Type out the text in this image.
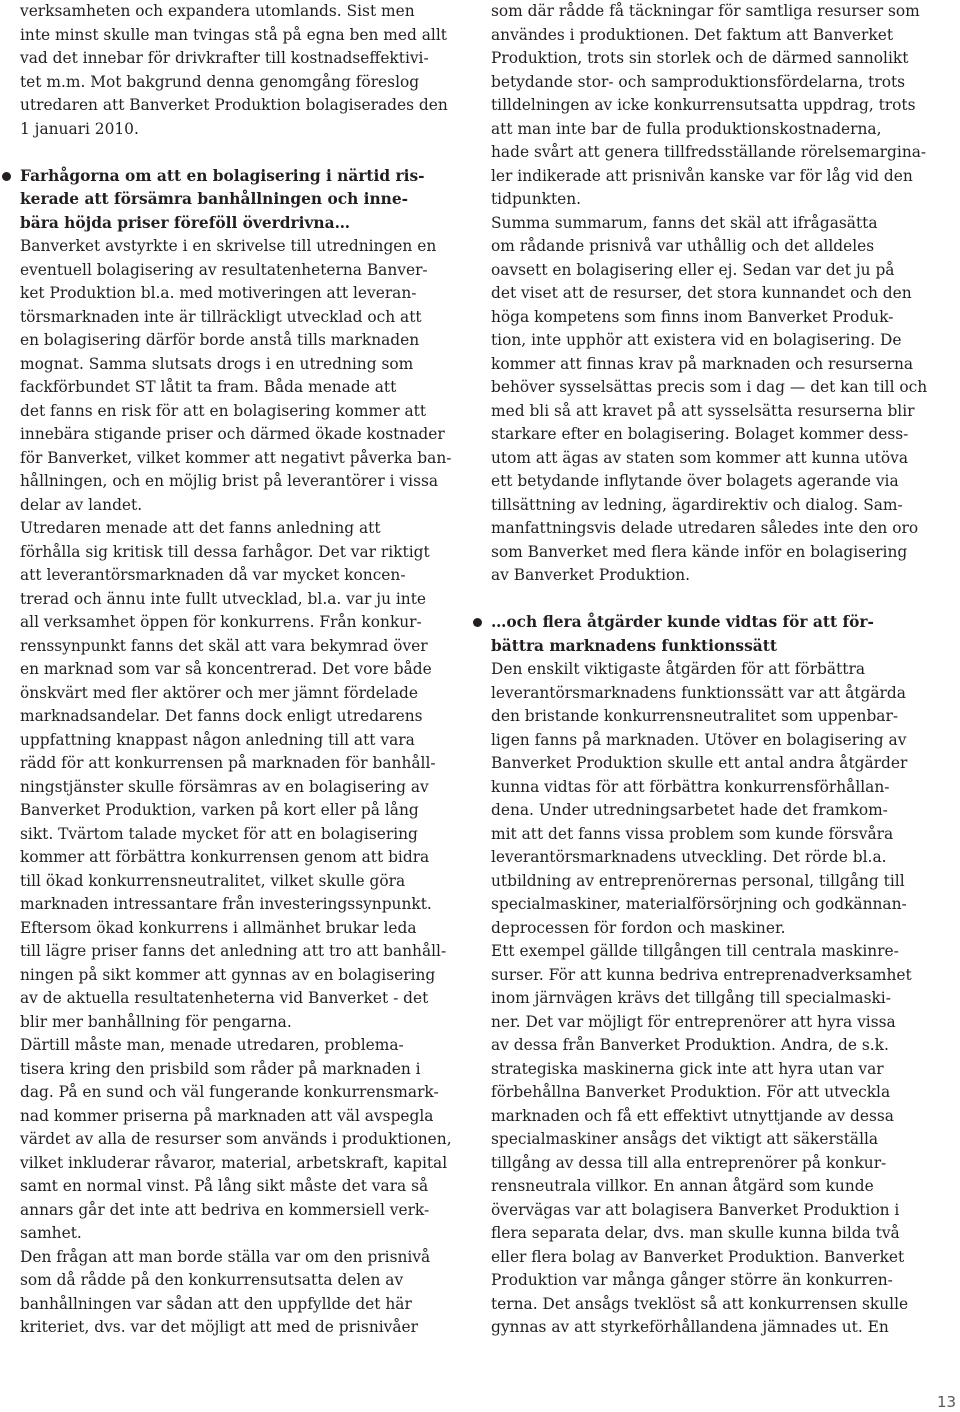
verksamheten och expandera utomlands. Sist men
inte minst skulle man tvingas stå på egna ben med allt
vad det innebar för drivkrafter till kostnadseffektivi-
tet m.m. Mot bakgrund denna genomgång föreslog
utredaren att Banverket Produktion bolagiserades den
1 januari 2010.
Farhågorna om att en bolagisering i närtid ris-
kerade att försämra banhållningen och inne-
bära höjda priser föreföll överdrivna…
Banverket avstyrkte i en skrivelse till utredningen en
eventuell bolagisering av resultatenheterna Banver-
ket Produktion bl.a. med motiveringen att leveran-
törsmarknaden inte är tillräckligt utvecklad och att
en bolagisering därför borde anstå tills marknaden
mognat. Samma slutsats drogs i en utredning som
fackförbundet ST låtit ta fram. Båda menade att
det fanns en risk för att en bolagisering kommer att
innebära stigande priser och därmed ökade kostnader
för Banverket, vilket kommer att negativt påverka ban-
hållningen, och en möjlig brist på leverantörer i vissa
delar av landet.
Utredaren menade att det fanns anledning att
förhålla sig kritisk till dessa farhågor. Det var riktigt
att leverantörsmarknaden då var mycket koncen-
trerad och ännu inte fullt utvecklad, bl.a. var ju inte
all verksamhet öppen för konkurrens. Från konkur-
renssynpunkt fanns det skäl att vara bekymrad över
en marknad som var så koncentrerad. Det vore både
önskvärt med fler aktörer och mer jämnt fördelade
marknadsandelar. Det fanns dock enligt utredarens
uppfattning knappast någon anledning till att vara
rädd för att konkurrensen på marknaden för banhåll-
ningstjänster skulle försämras av en bolagisering av
Banverket Produktion, varken på kort eller på lång
sikt. Tvärtom talade mycket för att en bolagisering
kommer att förbättra konkurrensen genom att bidra
till ökad konkurrensneutralitet, vilket skulle göra
marknaden intressantare från investeringssynpunkt.
Eftersom ökad konkurrens i allmänhet brukar leda
till lägre priser fanns det anledning att tro att banhåll-
ningen på sikt kommer att gynnas av en bolagisering
av de aktuella resultatenheterna vid Banverket - det
blir mer banhållning för pengarna.
Därtill måste man, menade utredaren, problema-
tisera kring den prisbild som råder på marknaden i
dag. På en sund och väl fungerande konkurrensmark-
nad kommer priserna på marknaden att väl avspegla
värdet av alla de resurser som används i produktionen,
vilket inkluderar råvaror, material, arbetskraft, kapital
samt en normal vinst. På lång sikt måste det vara så
annars går det inte att bedriva en kommersiell verk-
samhet.
Den frågan att man borde ställa var om den prisnivå
som då rådde på den konkurrensutsatta delen av
banhållningen var sådan att den uppfyllde det här
kriteriet, dvs. var det möjligt att med de prisnivåer
som där rådde få täckningar för samtliga resurser som
användes i produktionen. Det faktum att Banverket
Produktion, trots sin storlek och de därmed sannolikt
betydande stor- och samproduktionsfördelarna, trots
tilldelningen av icke konkurrensutsatta uppdrag, trots
att man inte bar de fulla produktionskostnaderna,
hade svårt att genera tillfredsställande rörelsemargina-
ler indikerade att prisnivån kanske var för låg vid den
tidpunkten.
Summa summarum, fanns det skäl att ifrågasätta
om rådande prisnivå var uthållig och det alldeles
oavsett en bolagisering eller ej. Sedan var det ju på
det viset att de resurser, det stora kunnandet och den
höga kompetens som finns inom Banverket Produk-
tion, inte upphör att existera vid en bolagisering. De
kommer att finnas krav på marknaden och resurserna
behöver sysselsättas precis som i dag — det kan till och
med bli så att kravet på att sysselsätta resurserna blir
starkare efter en bolagisering. Bolaget kommer dess-
utom att ägas av staten som kommer att kunna utöva
ett betydande inflytande över bolagets agerande via
tillsättning av ledning, ägardirektiv och dialog. Sam-
manfattningsvis delade utredaren således inte den oro
som Banverket med flera kände inför en bolagisering
av Banverket Produktion.
…och flera åtgärder kunde vidtas för att för-
bättra marknadens funktionssätt
Den enskilt viktigaste åtgärden för att förbättra
leverantörsmarknadens funktionssätt var att åtgärda
den bristande konkurrensneutralitet som uppenbar-
ligen fanns på marknaden. Utöver en bolagisering av
Banverket Produktion skulle ett antal andra åtgärder
kunna vidtas för att förbättra konkurrensförhållan-
dena. Under utredningsarbetet hade det framkom-
mit att det fanns vissa problem som kunde försvåra
leverantörsmarknadens utveckling. Det rörde bl.a.
utbildning av entreprenörernas personal, tillgång till
specialmaskiner, materialförsörjning och godkännan-
deprocessen för fordon och maskiner.
Ett exempel gällde tillgången till centrala maskinre-
surser. För att kunna bedriva entreprenadverksamhet
inom järnvägen krävs det tillgång till specialmaski-
ner. Det var möjligt för entreprenörer att hyra vissa
av dessa från Banverket Produktion. Andra, de s.k.
strategiska maskinerna gick inte att hyra utan var
förbehållna Banverket Produktion. För att utveckla
marknaden och få ett effektivt utnyttjande av dessa
specialmaskiner ansågs det viktigt att säkerställa
tillgång av dessa till alla entreprenörer på konkur-
rensneutrala villkor. En annan åtgärd som kunde
övervägas var att bolagisera Banverket Produktion i
flera separata delar, dvs. man skulle kunna bilda två
eller flera bolag av Banverket Produktion. Banverket
Produktion var många gånger större än konkurren-
terna. Det ansågs tveklöst så att konkurrensen skulle
gynnas av att styrkeförhållandena jämnades ut. En
13
